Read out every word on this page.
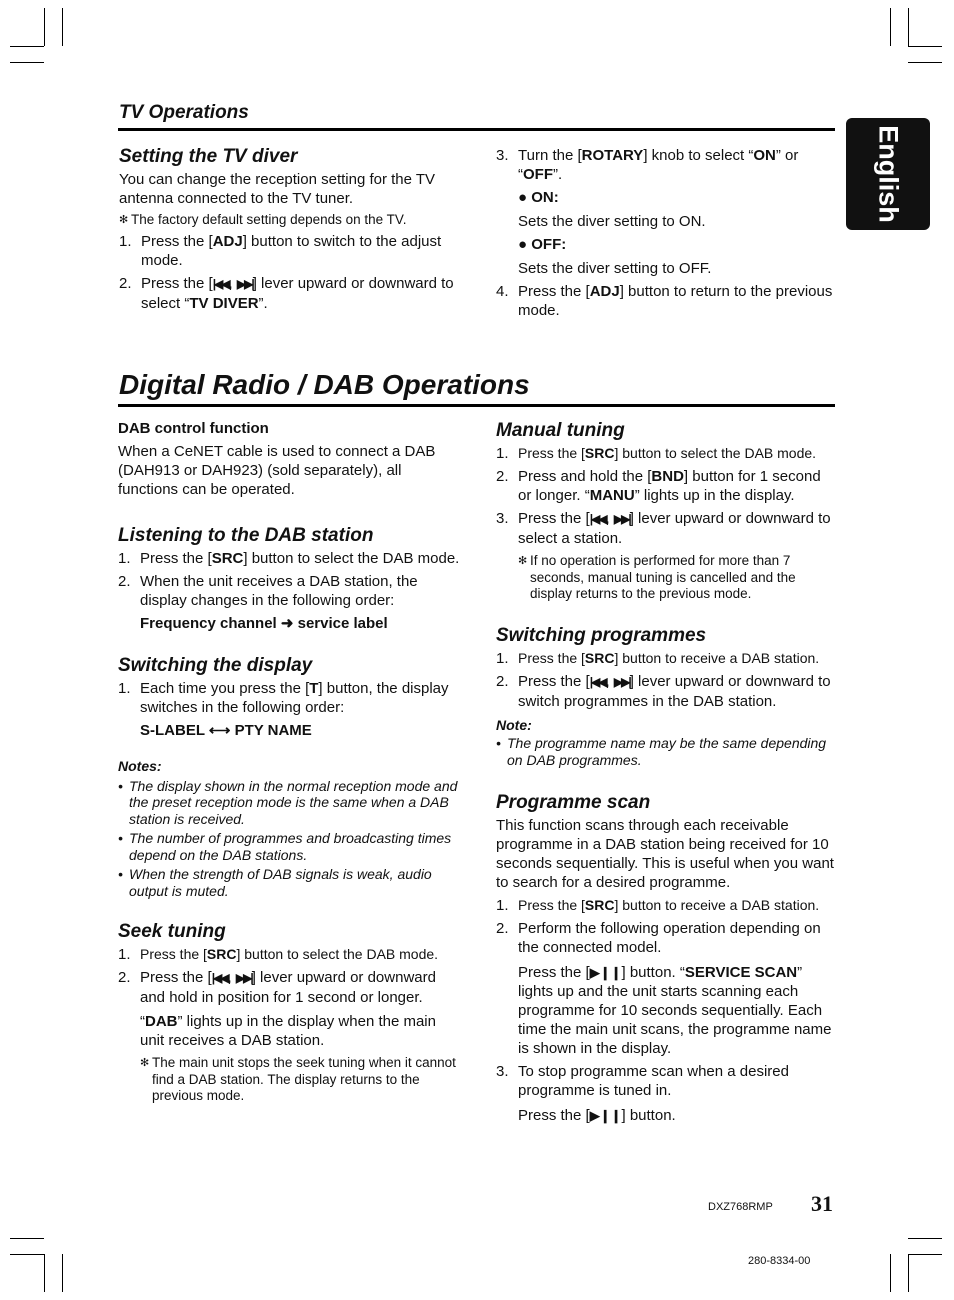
TV Operations
English
Setting the TV diver

You can change the reception setting for the TV antenna connected to the TV tuner.

✻ The factory default setting depends on the TV.
1. Press the [ADJ] button to switch to the adjust mode.
2. Press the [|◀◀, ▶▶|] lever upward or downward to select “TV DIVER”.
3. Turn the [ROTARY] knob to select “ON” or “OFF”.
● ON:
Sets the diver setting to ON.
● OFF:
Sets the diver setting to OFF.
4. Press the [ADJ] button to return to the previous mode.
Digital Radio / DAB Operations
DAB control function

When a CeNET cable is used to connect a DAB (DAH913 or DAH923) (sold separately), all functions can be operated.

Listening to the DAB station
1. Press the [SRC] button to select the DAB mode.
2. When the unit receives a DAB station, the display changes in the following order:
Frequency channel ➜ service label
Switching the display
1. Each time you press the [T] button, the display switches in the following order:
S-LABEL ⟷ PTY NAME
Notes:
• The display shown in the normal reception mode and the preset reception mode is the same when a DAB station is received.
• The number of programmes and broadcasting times depend on the DAB stations.
• When the strength of DAB signals is weak, audio output is muted.
Seek tuning
1. Press the [SRC] button to select the DAB mode.
2. Press the [|◀◀, ▶▶|] lever upward or downward and hold in position for 1 second or longer.
“DAB” lights up in the display when the main unit receives a DAB station.
✻ The main unit stops the seek tuning when it cannot find a DAB station. The display returns to the previous mode.
Manual tuning
1. Press the [SRC] button to select the DAB mode.
2. Press and hold the [BND] button for 1 second or longer. “MANU” lights up in the display.
3. Press the [|◀◀, ▶▶|] lever upward or downward to select a station.
✻ If no operation is performed for more than 7 seconds, manual tuning is cancelled and the display returns to the previous mode.
Switching programmes
1. Press the [SRC] button to receive a DAB station.
2. Press the [|◀◀, ▶▶|] lever upward or downward to switch programmes in the DAB station.
Note:
• The programme name may be the same depending on DAB programmes.
Programme scan

This function scans through each receivable programme in a DAB station being received for 10 seconds sequentially. This is useful when you want to search for a desired programme.

1. Press the [SRC] button to receive a DAB station.
2. Perform the following operation depending on the connected model.
Press the [▶❙❙] button. “SERVICE SCAN” lights up and the unit starts scanning each programme for 10 seconds sequentially. Each time the main unit scans, the programme name is shown in the display.
3. To stop programme scan when a desired programme is tuned in.
Press the [▶❙❙] button.
DXZ768RMP 31
280-8334-00
